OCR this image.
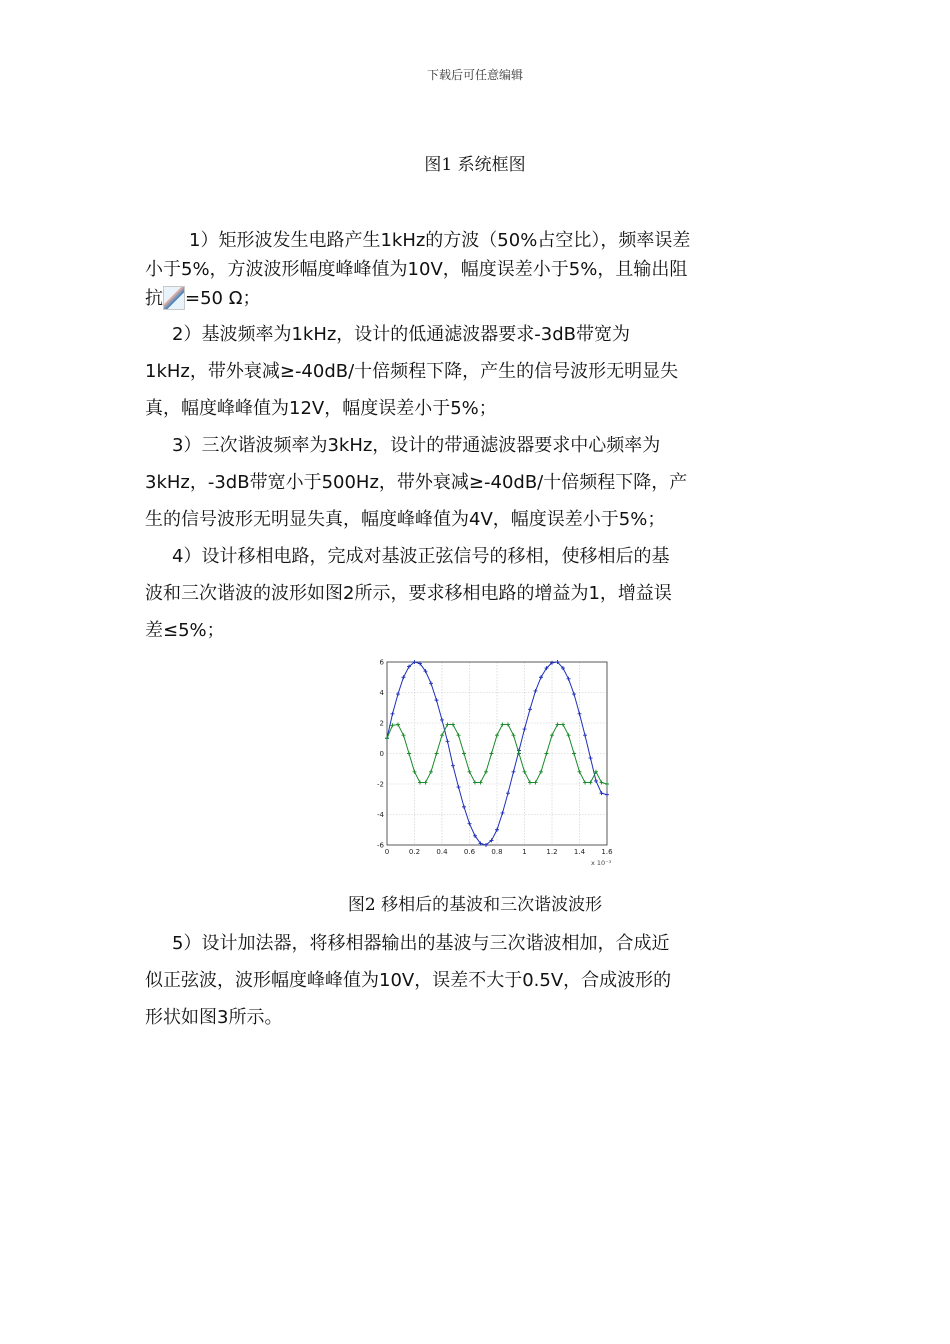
下载后可任意编辑
图1 系统框图
1）矩形波发生电路产生1kHz的方波（50%占空比），频率误差
小于5%，方波波形幅度峰峰值为10V，幅度误差小于5%，且输出阻
抗 =50 Ω；
2）基波频率为1kHz，设计的低通滤波器要求-3dB带宽为
1kHz，带外衰减≥-40dB/十倍频程下降，产生的信号波形无明显失
真，幅度峰峰值为12V，幅度误差小于5%；
3）三次谐波频率为3kHz，设计的带通滤波器要求中心频率为
3kHz，-3dB带宽小于500Hz，带外衰减≥-40dB/十倍频程下降，产
生的信号波形无明显失真，幅度峰峰值为4V，幅度误差小于5%；
4）设计移相电路，完成对基波正弦信号的移相，使移相后的基
波和三次谐波的波形如图2所示，要求移相电路的增益为1，增益误
差≤5%；
0	0.2 0.4 0.6 0.8	1	1.2 1.4 1.6
-6
-4
-2
0
2
4
6
x 10⁻³
图2 移相后的基波和三次谐波波形
5）设计加法器，将移相器输出的基波与三次谐波相加，合成近
似正弦波，波形幅度峰峰值为10V，误差不大于0.5V，合成波形的
形状如图3所示。
